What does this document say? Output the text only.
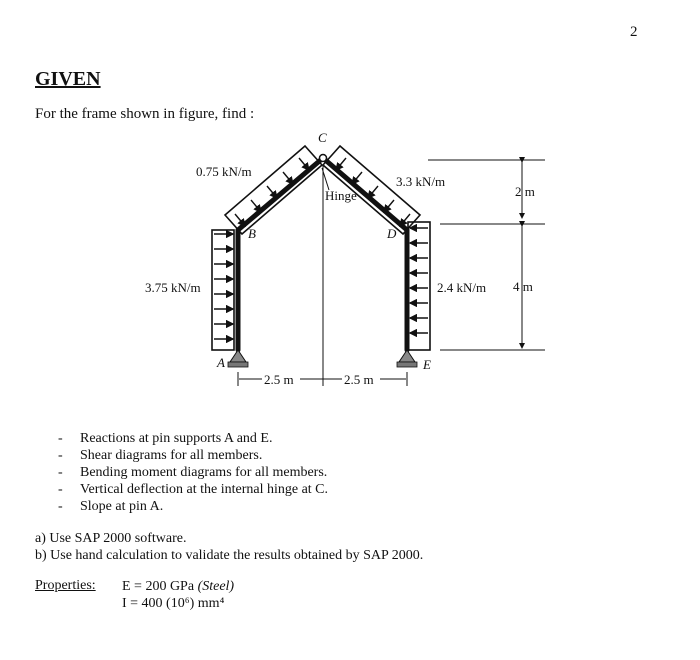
2
GIVEN
For the frame shown in figure, find :
C
B	D
A	E
Hinge
0.75 kN/m
3.3 kN/m
3.75 kN/m	2.4 kN/m
2 m
4 m
2.5 m	2.5 m
- Reactions at pin supports A and E.
- Shear diagrams for all members.
- Bending moment diagrams for all members.
- Vertical deflection at the internal hinge at C.
- Slope at pin A.
a) Use SAP 2000 software.
b) Use hand calculation to validate the results obtained by SAP 2000.
Properties: E = 200 GPa (Steel)
I = 400 (10⁶) mm⁴
